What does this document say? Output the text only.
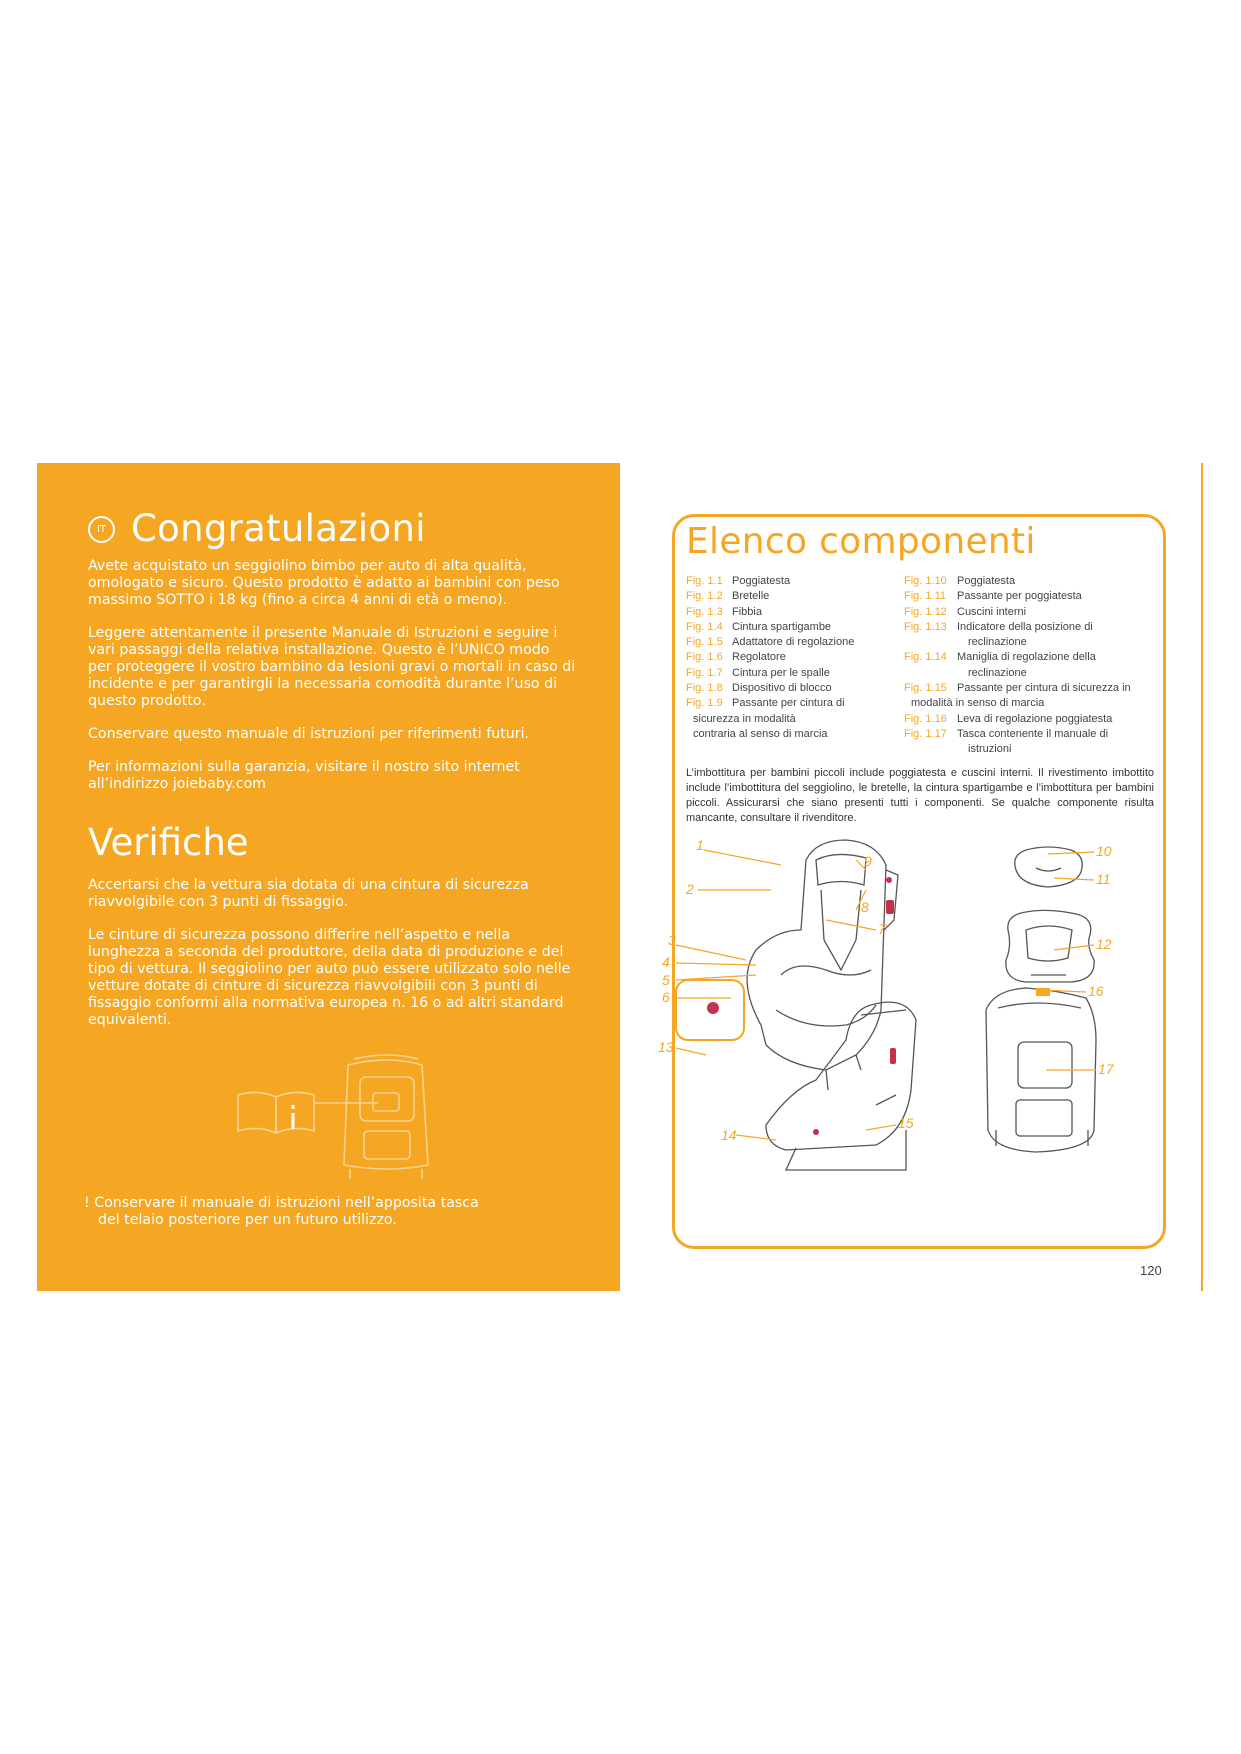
IT Congratulazioni

Avete acquistato un seggiolino bimbo per auto di alta qualità, omologato e sicuro. Questo prodotto è adatto ai bambini con peso massimo SOTTO i 18 kg (fino a circa 4 anni di età o meno).

Leggere attentamente il presente Manuale di Istruzioni e seguire i vari passaggi della relativa installazione. Questo è l’UNICO modo per proteggere il vostro bambino da lesioni gravi o mortali in caso di incidente e per garantirgli la necessaria comodità durante l’uso di questo prodotto.

Conservare questo manuale di istruzioni per riferimenti futuri.

Per informazioni sulla garanzia, visitare il nostro sito internet all’indirizzo joiebaby.com

Verifiche

Accertarsi che la vettura sia dotata di una cintura di sicurezza riavvolgibile con 3 punti di fissaggio.

Le cinture di sicurezza possono differire nell’aspetto e nella lunghezza a seconda del produttore, della data di produzione e del tipo di vettura. Il seggiolino per auto può essere utilizzato solo nelle vetture dotate di cinture di sicurezza riavvolgibili con 3 punti di fissaggio conformi alla normativa europea n. 16 o ad altri standard equivalenti.

! Conservare il manuale di istruzioni nell’apposita tasca
del telaio posteriore per un futuro utilizzo.
Elenco componenti
Fig. 1.1 Poggiatesta
Fig. 1.2 Bretelle
Fig. 1.3 Fibbia
Fig. 1.4 Cintura spartigambe
Fig. 1.5 Adattatore di regolazione
Fig. 1.6 Regolatore
Fig. 1.7 Cintura per le spalle
Fig. 1.8 Dispositivo di blocco
Fig. 1.9 Passante per cintura di
sicurezza in modalità
contraria al senso di marcia
Fig. 1.10 Poggiatesta
Fig. 1.11	Passante per poggiatesta
Fig. 1.12 Cuscini interni
Fig. 1.13 Indicatore della posizione di
reclinazione
Fig. 1.14 Maniglia di regolazione della
reclinazione
Fig. 1.15 Passante per cintura di sicurezza in
modalità in senso di marcia
Fig. 1.16 Leva di regolazione poggiatesta
Fig. 1.17 Tasca contenente il manuale di
istruzioni

L’imbottitura per bambini piccoli include poggiatesta e cuscini interni. Il rivestimento imbottito include l’imbottitura del seggiolino, le bretelle, la cintura spartigambe e l’imbottitura per bambini piccoli. Assicurarsi che siano presenti tutti i componenti. Se qualche componente risulta mancante, consultare il rivenditore.

1
2
3
4
5
6
7
8
9
10
11
12
16
13
14
15
17
120
